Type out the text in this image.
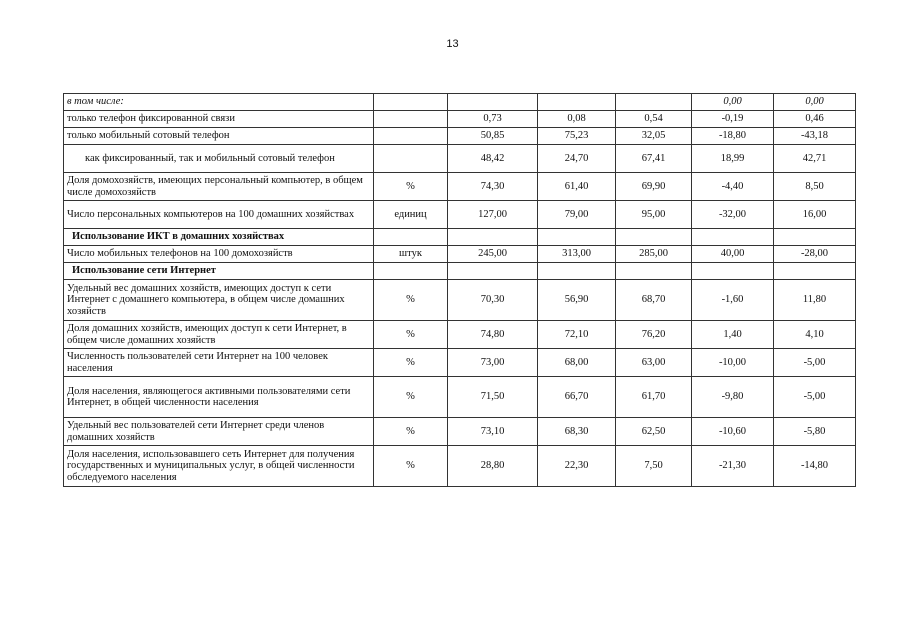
13
в том числе:					0,00	0,00
только телефон фиксированной связи		0,73	0,08	0,54	-0,19	0,46
только мобильный сотовый телефон		50,85	75,23	32,05	-18,80	-43,18
как фиксированный, так и мобильный сотовый телефон		48,42	24,70	67,41	18,99	42,71
Доля домохозяйств, имеющих персональный компьютер, в общем числе домохозяйств	%	74,30	61,40	69,90	-4,40	8,50
Число персональных компьютеров на 100 домашних хозяйствах	единиц	127,00	79,00	95,00	-32,00	16,00
Использование ИКТ в домашних хозяйствах						
Число мобильных телефонов на 100 домохозяйств	штук	245,00	313,00	285,00	40,00	-28,00
Использование сети Интернет						
Удельный вес домашних хозяйств, имеющих доступ к сети Интернет с домашнего компьютера, в общем числе домашних хозяйств	%	70,30	56,90	68,70	-1,60	11,80
Доля домашних хозяйств, имеющих доступ к сети Интернет, в общем числе домашних хозяйств	%	74,80	72,10	76,20	1,40	4,10
Численность пользователей сети Интернет на 100 человек населения	%	73,00	68,00	63,00	-10,00	-5,00
Доля населения, являющегося активными пользователями сети Интернет, в общей численности населения	%	71,50	66,70	61,70	-9,80	-5,00
Удельный вес пользователей сети Интернет среди членов домашних хозяйств	%	73,10	68,30	62,50	-10,60	-5,80
Доля населения, использовавшего сеть Интернет для получения государственных и муниципальных услуг, в общей численности обследуемого населения	%	28,80	22,30	7,50	-21,30	-14,80
